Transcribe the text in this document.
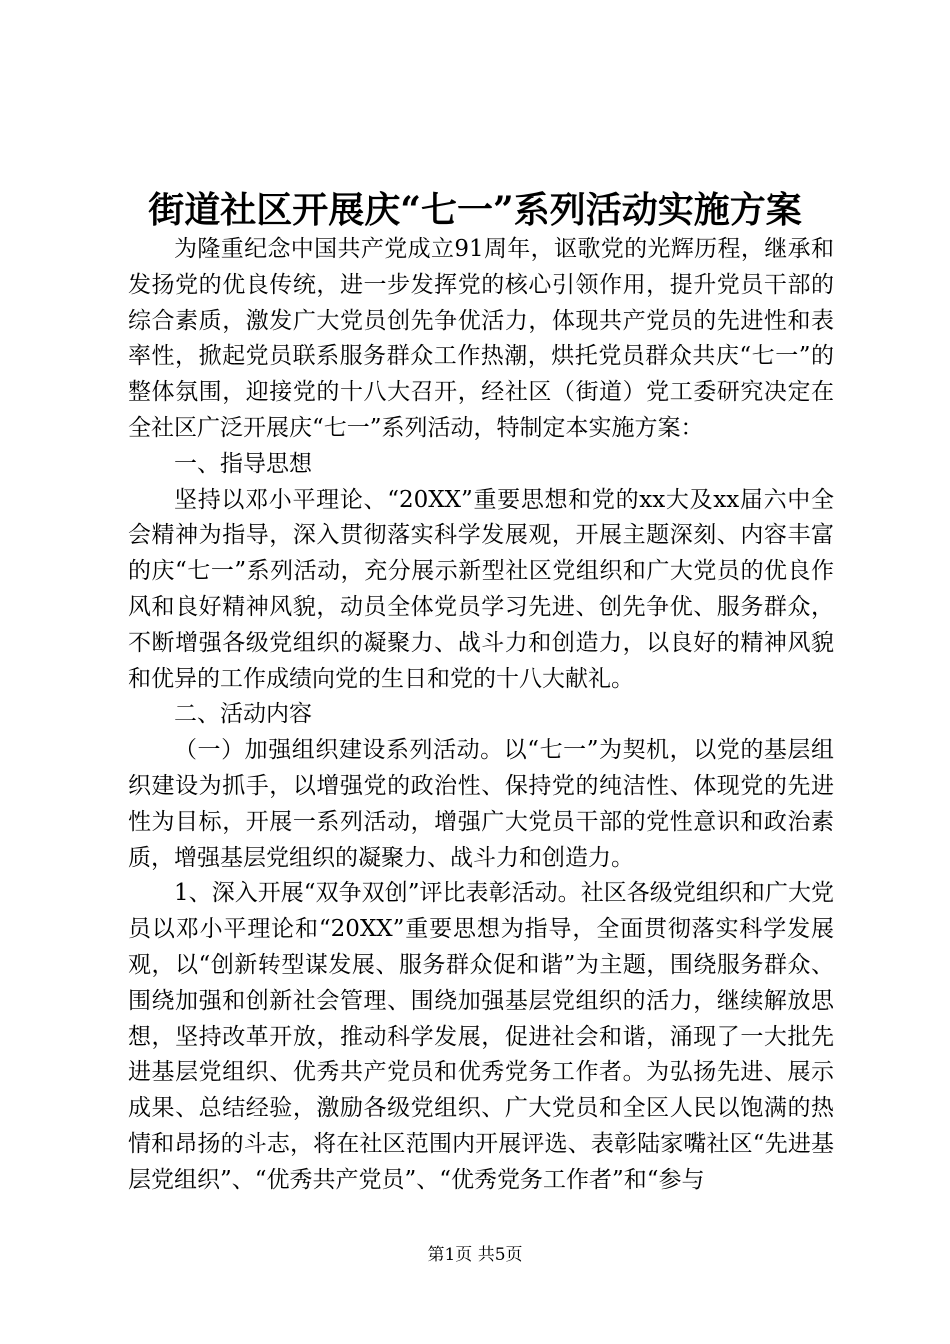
街道社区开展庆“七一”系列活动实施方案

为隆重纪念中国共产党成立91周年，讴歌党的光辉历程，继承和发扬党的优良传统，进一步发挥党的核心引领作用，提升党员干部的综合素质，激发广大党员创先争优活力，体现共产党员的先进性和表率性，掀起党员联系服务群众工作热潮，烘托党员群众共庆“七一”的整体氛围，迎接党的十八大召开，经社区（街道）党工委研究决定在全社区广泛开展庆“七一”系列活动，特制定本实施方案：

一、指导思想

坚持以邓小平理论、“20XX”重要思想和党的xx大及xx届六中全会精神为指导，深入贯彻落实科学发展观，开展主题深刻、内容丰富的庆“七一”系列活动，充分展示新型社区党组织和广大党员的优良作风和良好精神风貌，动员全体党员学习先进、创先争优、服务群众，不断增强各级党组织的凝聚力、战斗力和创造力，以良好的精神风貌和优异的工作成绩向党的生日和党的十八大献礼。

二、活动内容

（一）加强组织建设系列活动。以“七一”为契机，以党的基层组织建设为抓手，以增强党的政治性、保持党的纯洁性、体现党的先进性为目标，开展一系列活动，增强广大党员干部的党性意识和政治素质，增强基层党组织的凝聚力、战斗力和创造力。

1、深入开展“双争双创”评比表彰活动。社区各级党组织和广大党员以邓小平理论和“20XX”重要思想为指导，全面贯彻落实科学发展观，以“创新转型谋发展、服务群众促和谐”为主题，围绕服务群众、围绕加强和创新社会管理、围绕加强基层党组织的活力，继续解放思想，坚持改革开放，推动科学发展，促进社会和谐，涌现了一大批先进基层党组织、优秀共产党员和优秀党务工作者。为弘扬先进、展示成果、总结经验，激励各级党组织、广大党员和全区人民以饱满的热情和昂扬的斗志，将在社区范围内开展评选、表彰陆家嘴社区“先进基层党组织”、“优秀共产党员”、“优秀党务工作者”和“参与

第1页 共5页
